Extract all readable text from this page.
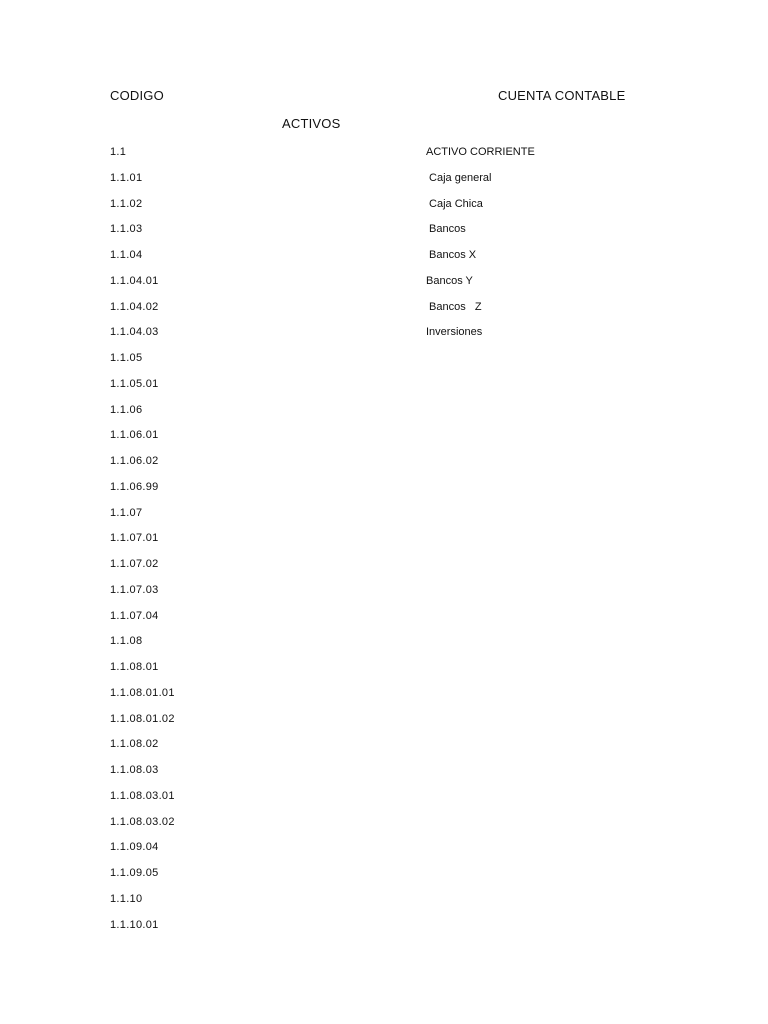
CODIGO	CUENTA CONTABLE
ACTIVOS
1.1
1.1.01
1.1.02
1.1.03
1.1.04
1.1.04.01
1.1.04.02
1.1.04.03
1.1.05
1.1.05.01
1.1.06
1.1.06.01
1.1.06.02
1.1.06.99
1.1.07
1.1.07.01
1.1.07.02
1.1.07.03
1.1.07.04
1.1.08
1.1.08.01
1.1.08.01.01
1.1.08.01.02
1.1.08.02
1.1.08.03
1.1.08.03.01
1.1.08.03.02
1.1.09.04
1.1.09.05
1.1.10
1.1.10.01
ACTIVO CORRIENTE
Caja general
Caja Chica
Bancos
Bancos X
Bancos Y
Bancos   Z
Inversiones
